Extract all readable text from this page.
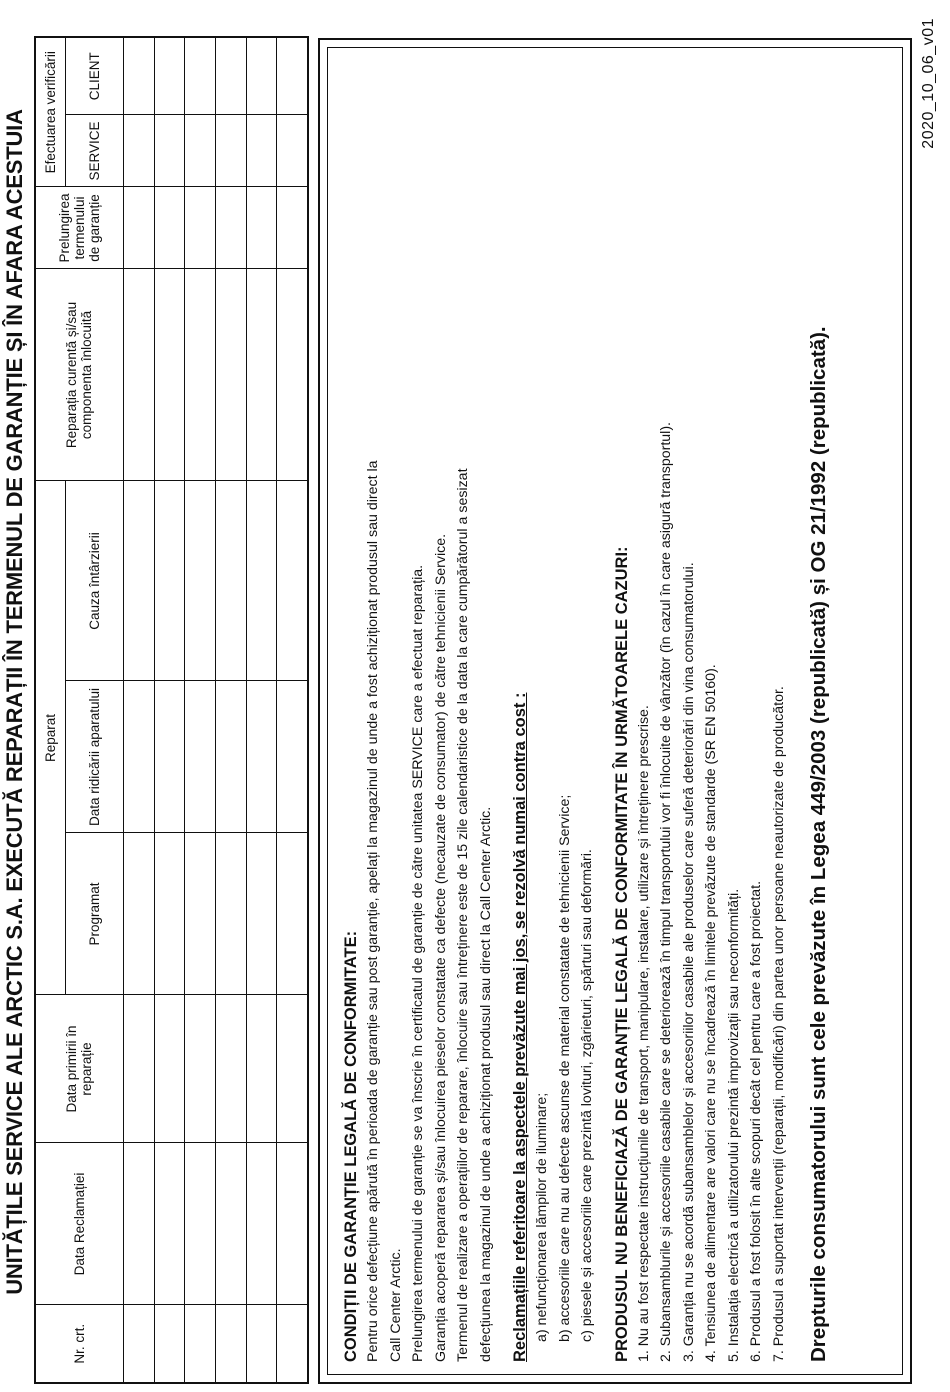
UNITĂȚILE SERVICE ALE ARCTIC S.A. EXECUTĂ REPARAȚII ÎN TERMENUL DE GARANȚIE ȘI ÎN AFARA ACESTUIA
Nr. crt.	Data Reclamației	Data primirii în reparație	Reparat			Reparația curentă și/sau componenta înlocuită	Prelungirea termenului de garanție	Efectuarea verificării	
			Programat	Data ridicării aparatului	Cauza întârzierii			SERVICE	CLIENT

CONDIȚII DE GARANȚIE LEGALĂ DE CONFORMITATE: Pentru orice defecțiune apărută în perioada de garanție sau post garanție, apelați la magazinul de unde a fost achiziționat produsul sau direct la Call Center Arctic. Prelungirea termenului de garanție se va înscrie în certificatul de garanție de către unitatea SERVICE care a efectuat reparația. Garanția acoperă repararea și/sau înlocuirea pieselor constatate ca defecte (necauzate de consumator) de către tehnicienii Service. Termenul de realizare a operațiilor de reparare, înlocuire sau întreținere este de 15 zile calendaristice de la data la care cumpărătorul a sesizat defecțiunea la magazinul de unde a achiziționat produsul sau direct la Call Center Arctic. Reclamațiile referitoare la aspectele prevăzute mai jos, se rezolvă numai contra cost : a) nefuncționarea lămpilor de iluminare; b) accesoriile care nu au defecte ascunse de material constatate de tehnicienii Service; c) piesele și accesoriile care prezintă lovituri, zgârieturi, spărturi sau deformări. PRODUSUL NU BENEFICIAZĂ DE GARANȚIE LEGALĂ DE CONFORMITATE ÎN URMĂTOARELE CAZURI: 1. Nu au fost respectate instrucțiunile de transport, manipulare, instalare, utilizare și întreținere prescrise. 2. Subansamblurile și accesoriile casabile care se deteriorează în timpul transportului vor fi înlocuite de vânzător (în cazul în care asigură transportul). 3. Garanția nu se acordă subansamblelor și accesoriilor casabile ale produselor care suferă deteriorări din vina consumatorului. 4. Tensiunea de alimentare are valori care nu se încadrează în limitele prevăzute de standarde (SR EN 50160). 5. Instalația electrică a utilizatorului prezintă improvizații sau neconformități. 6. Produsul a fost folosit în alte scopuri decât cel pentru care a fost proiectat. 7. Produsul a suportat intervenții (reparații, modificări) din partea unor persoane neautorizate de producător. Drepturile consumatorului sunt cele prevăzute în Legea 449/2003 (republicată) și OG 21/1992 (republicată).
2020_10_06_v01
